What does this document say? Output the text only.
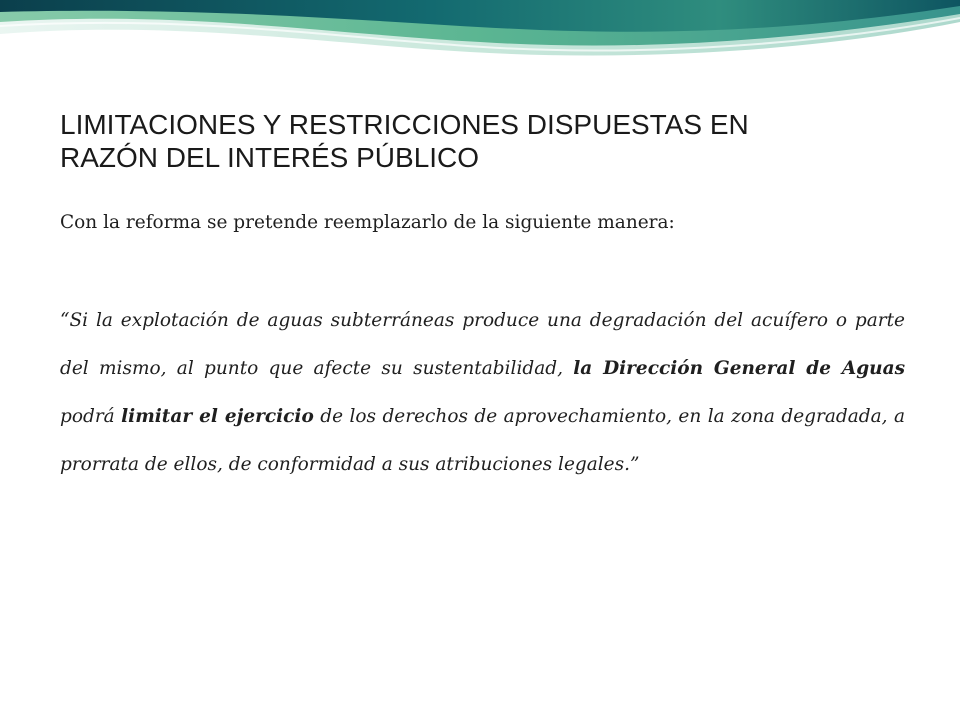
LIMITACIONES Y RESTRICCIONES DISPUESTAS EN
RAZÓN DEL INTERÉS PÚBLICO

Con la reforma se pretende reemplazarlo de la siguiente manera:

“Si la explotación de aguas subterráneas produce una degradación del acuífero o parte del mismo, al punto que afecte su sustentabilidad, la Dirección General de Aguas podrá limitar el ejercicio de los derechos de aprovechamiento, en la zona degradada, a prorrata de ellos, de conformidad a sus atribuciones legales.”
